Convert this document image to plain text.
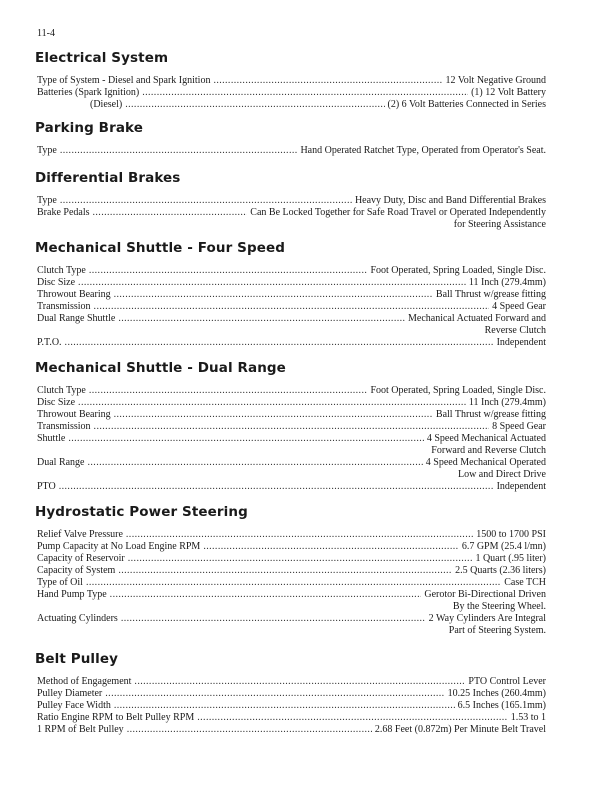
11-4
Electrical System
Type of System - Diesel and Spark Ignition .....	12 Volt Negative Ground
Batteries (Spark Ignition) .....	(1) 12 Volt Battery
(Diesel) .....	(2) 6 Volt Batteries Connected in Series
Parking Brake
Type .....	Hand Operated Ratchet Type, Operated from Operator's Seat.
Differential Brakes
Type .....	Heavy Duty, Disc and Band Differential Brakes
Brake Pedals .....	Can Be Locked Together for Safe Road Travel or Operated Independently
for Steering Assistance
Mechanical Shuttle - Four Speed
Clutch Type .....	Foot Operated, Spring Loaded, Single Disc.
Disc Size .....	11 Inch (279.4mm)
Throwout Bearing .....	Ball Thrust w/grease fitting
Transmission .....	4 Speed Gear
Dual Range Shuttle .....	Mechanical Actuated Forward and
Reverse Clutch
P.T.O. .....	Independent
Mechanical Shuttle - Dual Range
Clutch Type .....	Foot Operated, Spring Loaded, Single Disc.
Disc Size .....	11 Inch (279.4mm)
Throwout Bearing .....	Ball Thrust w/grease fitting
Transmission .....	8 Speed Gear
Shuttle .....	4 Speed Mechanical Actuated
Forward and Reverse Clutch
Dual Range .....	4 Speed Mechanical Operated
Low and Direct Drive
PTO .....	Independent
Hydrostatic Power Steering
Relief Valve Pressure .....	1500 to 1700 PSI
Pump Capacity at No Load Engine RPM .....	6.7 GPM (25.4 l/mn)
Capacity of Reservoir .....	1 Quart (.95 liter)
Capacity of System .....	2.5 Quarts (2.36 liters)
Type of Oil .....	Case TCH
Hand Pump Type .....	Gerotor Bi-Directional Driven
By the Steering Wheel.
Actuating Cylinders .....	2 Way Cylinders Are Integral
Part of Steering System.
Belt Pulley
Method of Engagement .....	PTO Control Lever
Pulley Diameter .....	10.25 Inches (260.4mm)
Pulley Face Width .....	6.5 Inches (165.1mm)
Ratio Engine RPM to Belt Pulley RPM .....	1.53 to 1
1 RPM of Belt Pulley .....	2.68 Feet (0.872m) Per Minute Belt Travel
